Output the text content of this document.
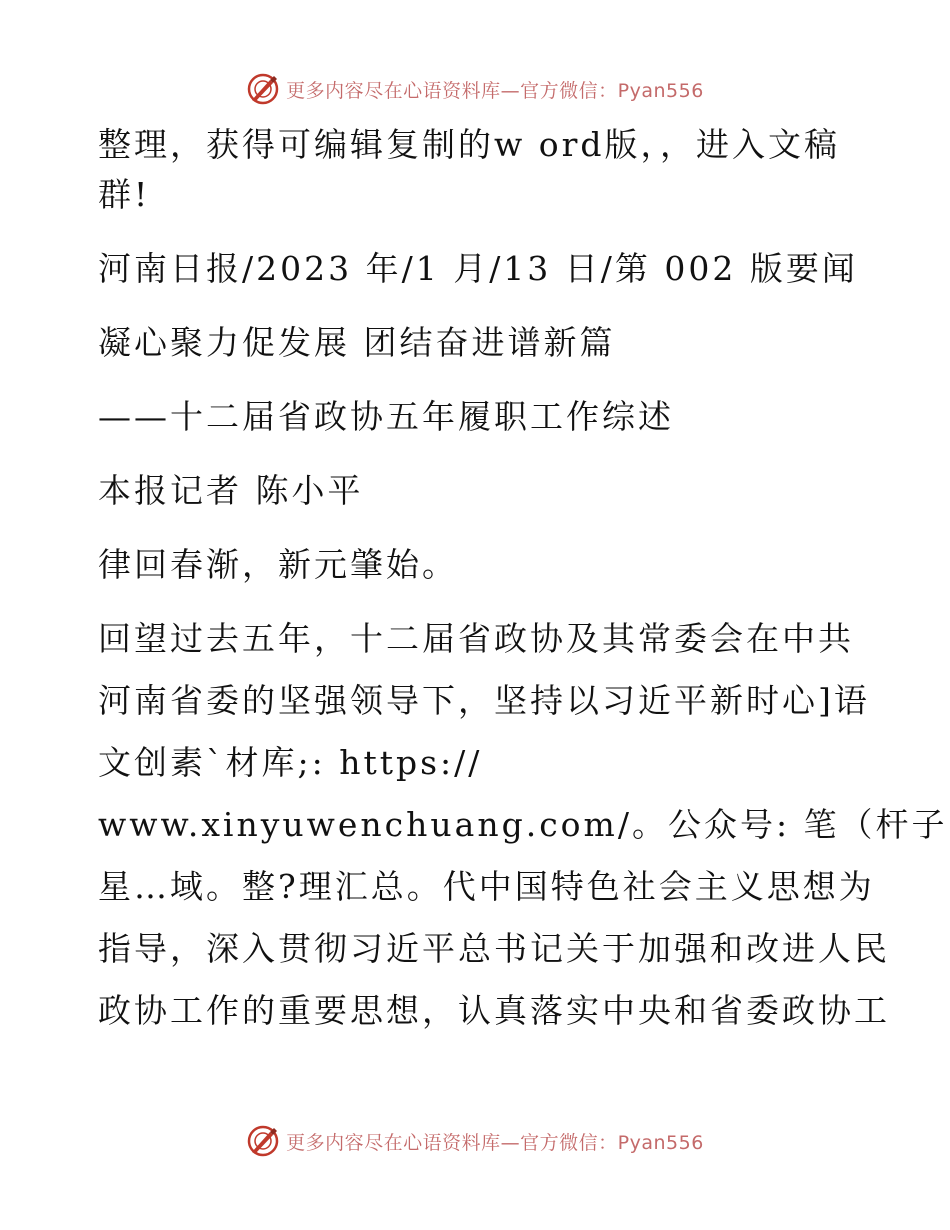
更多内容尽在心语资料库—官方微信：Pyan556
整理，获得可编辑复制的w ord版，，进入文稿
群!
河南日报/2023 年/1 月/13 日/第 002 版要闻
凝心聚力促发展 团结奋进谱新篇
——十二届省政协五年履职工作综述
本报记者 陈小平
律回春渐，新元肇始。
回望过去五年，十二届省政协及其常委会在中共
河南省委的坚强领导下，坚持以习近平新时心]语
文创素`材库;: https://
www.xinyuwenchuang.com/。公众号: 笔（杆子
星…域。整?理汇总。代中国特色社会主义思想为
指导，深入贯彻习近平总书记关于加强和改进人民
政协工作的重要思想，认真落实中央和省委政协工
更多内容尽在心语资料库—官方微信：Pyan556
